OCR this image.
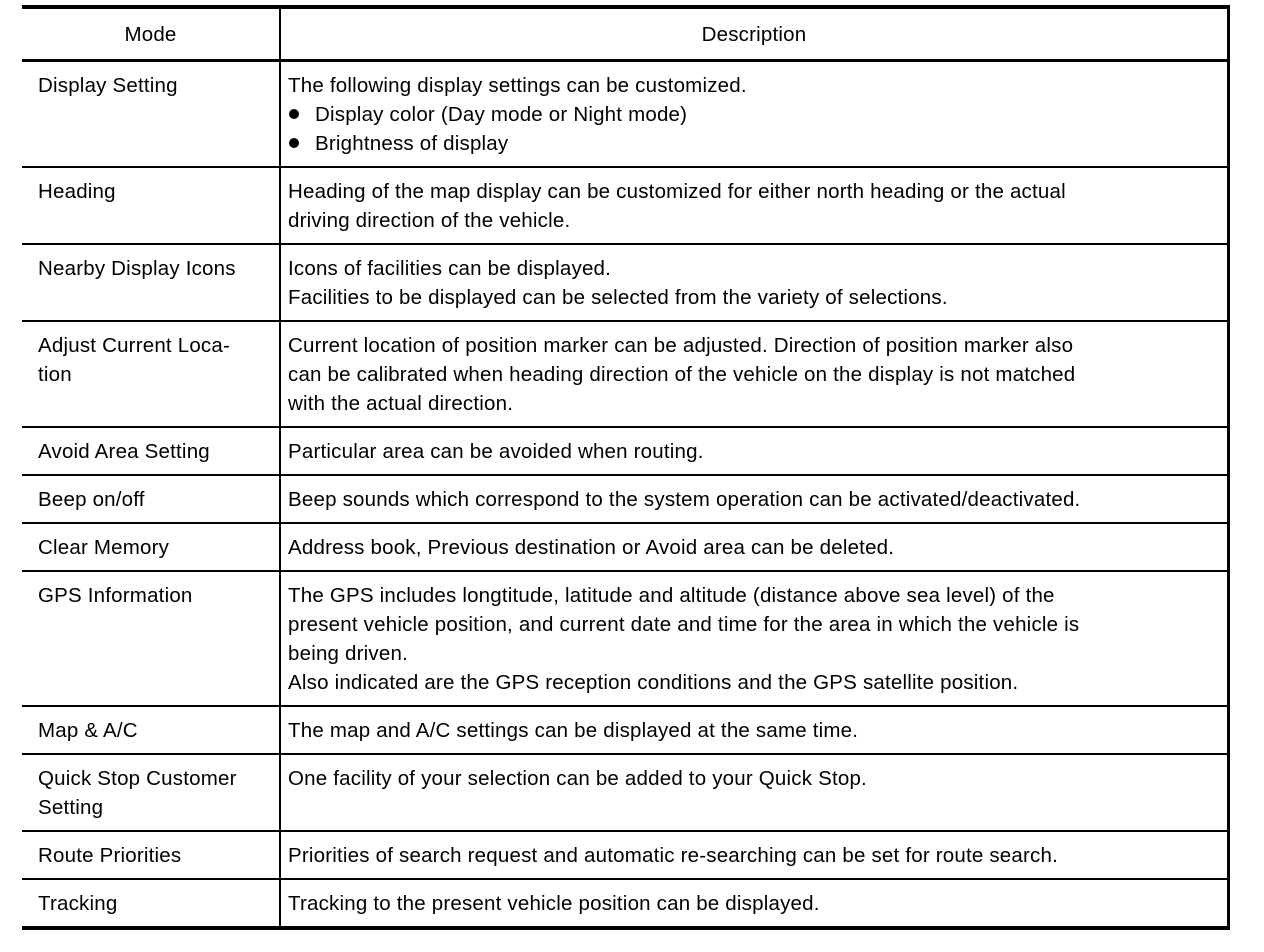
Mode	Description

Display Setting	The following display settings can be customized.
Display color (Day mode or Night mode)
Brightness of display

Heading	Heading of the map display can be customized for either north heading or the actual
driving direction of the vehicle.

Nearby Display Icons	Icons of facilities can be displayed.
Facilities to be displayed can be selected from the variety of selections.

Adjust Current Loca-
tion	Current location of position marker can be adjusted. Direction of position marker also
can be calibrated when heading direction of the vehicle on the display is not matched
with the actual direction.

Avoid Area Setting	Particular area can be avoided when routing.

Beep on/off	Beep sounds which correspond to the system operation can be activated/deactivated.

Clear Memory	Address book, Previous destination or Avoid area can be deleted.

GPS Information	The GPS includes longtitude, latitude and altitude (distance above sea level) of the
present vehicle position, and current date and time for the area in which the vehicle is
being driven.
Also indicated are the GPS reception conditions and the GPS satellite position.

Map & A/C	The map and A/C settings can be displayed at the same time.

Quick Stop Customer
Setting	One facility of your selection can be added to your Quick Stop.

Route Priorities	Priorities of search request and automatic re-searching can be set for route search.

Tracking	Tracking to the present vehicle position can be displayed.
